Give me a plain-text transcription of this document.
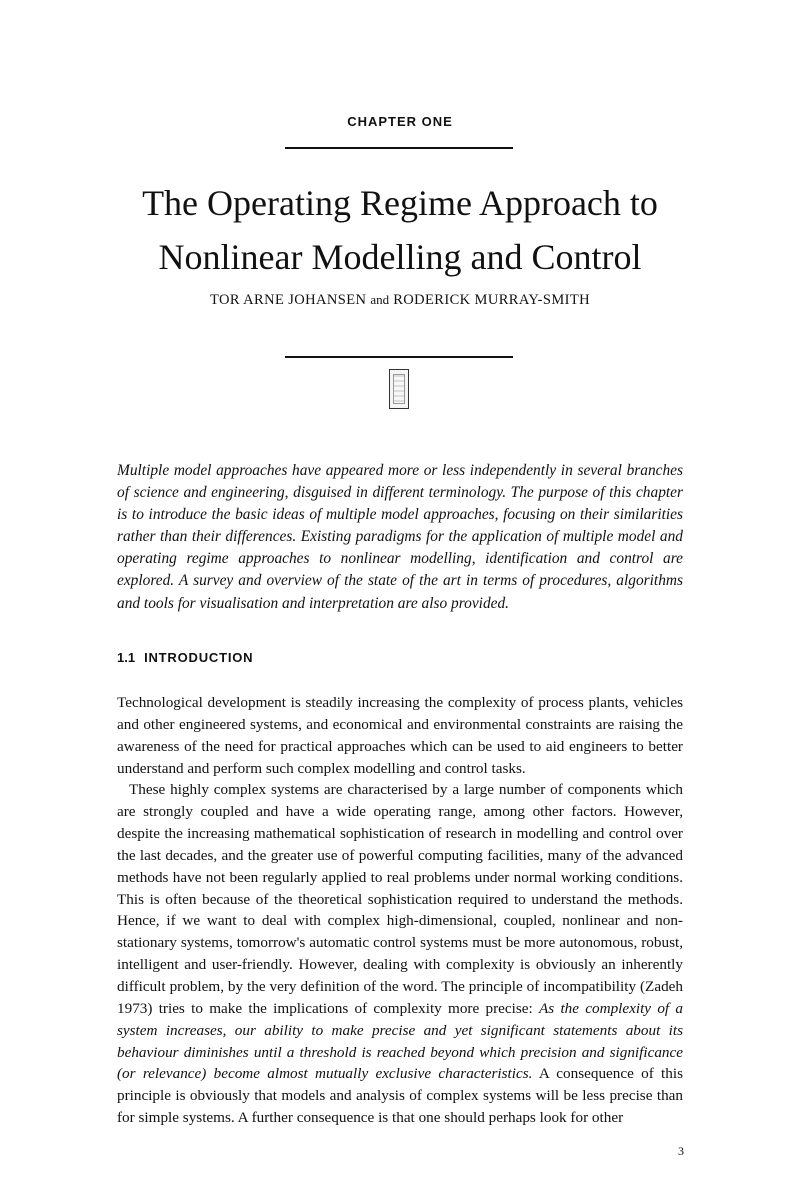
CHAPTER ONE
The Operating Regime Approach to
Nonlinear Modelling and Control
TOR ARNE JOHANSEN and RODERICK MURRAY-SMITH

Multiple model approaches have appeared more or less independently in several branches of science and engineering, disguised in different terminology. The purpose of this chapter is to introduce the basic ideas of multiple model approaches, focusing on their similarities rather than their differences. Existing paradigms for the application of multiple model and operating regime approaches to nonlinear modelling, identification and control are explored. A survey and overview of the state of the art in terms of procedures, algorithms and tools for visualisation and interpretation are also provided.

1.1 INTRODUCTION

Technological development is steadily increasing the complexity of process plants, vehicles and other engineered systems, and economical and environmental constraints are raising the awareness of the need for practical approaches which can be used to aid engineers to better understand and perform such complex modelling and control tasks.

These highly complex systems are characterised by a large number of components which are strongly coupled and have a wide operating range, among other factors. However, despite the increasing mathematical sophistication of research in modelling and control over the last decades, and the greater use of powerful computing facilities, many of the advanced methods have not been regularly applied to real problems under normal working conditions. This is often because of the theoretical sophistication required to understand the methods. Hence, if we want to deal with complex high-dimensional, coupled, nonlinear and non-stationary systems, tomorrow's automatic control systems must be more autonomous, robust, intelligent and user-friendly. However, dealing with complexity is obviously an inherently difficult problem, by the very definition of the word. The principle of incompatibility (Zadeh 1973) tries to make the implications of complexity more precise: As the complexity of a system increases, our ability to make precise and yet significant statements about its behaviour diminishes until a threshold is reached beyond which precision and significance (or relevance) become almost mutually exclusive characteristics. A consequence of this principle is obviously that models and analysis of complex systems will be less precise than for simple systems. A further consequence is that one should perhaps look for other

3
